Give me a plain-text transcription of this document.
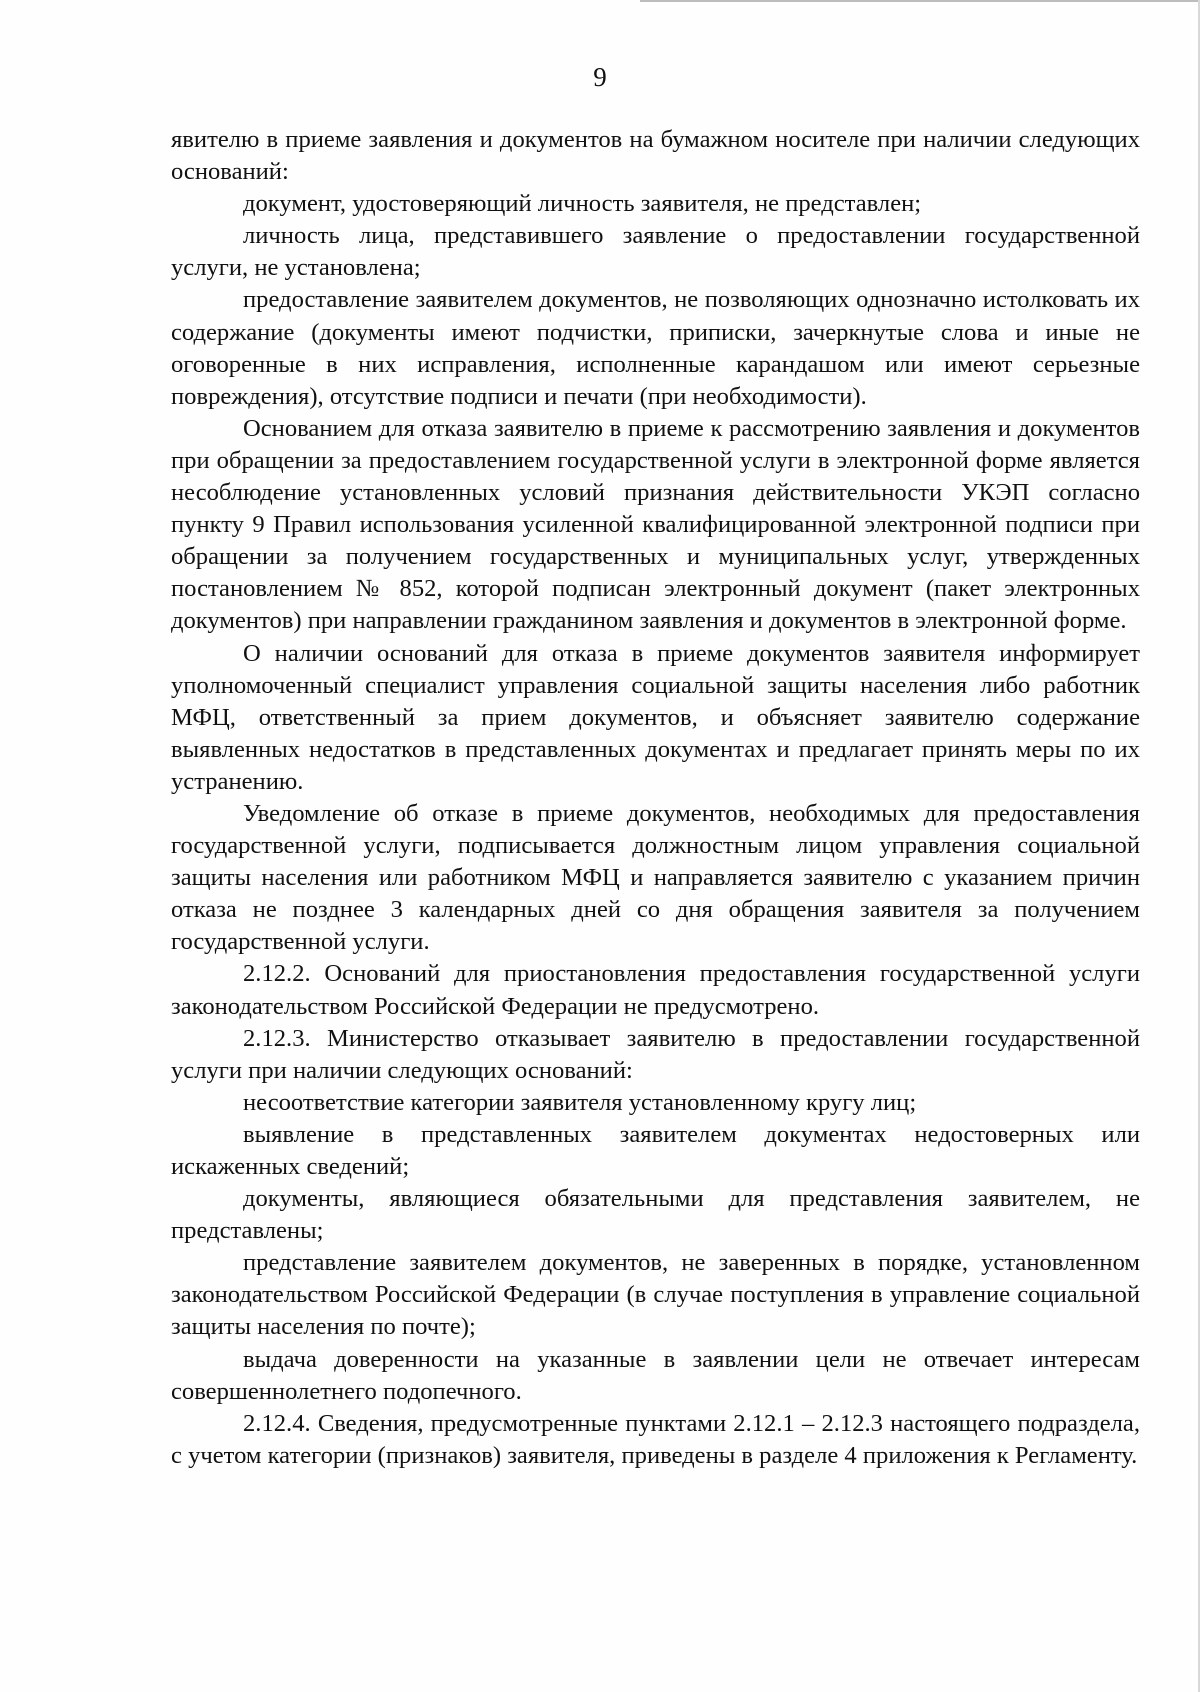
9

явителю в приеме заявления и документов на бумажном носителе при наличии следующих оснований:

документ, удостоверяющий личность заявителя, не представлен;

личность лица, представившего заявление о предоставлении государственной услуги, не установлена;

предоставление заявителем документов, не позволяющих однозначно истолковать их содержание (документы имеют подчистки, приписки, зачеркнутые слова и иные не оговоренные в них исправления, исполненные карандашом или имеют серьезные повреждения), отсутствие подписи и печати (при необходимости).

Основанием для отказа заявителю в приеме к рассмотрению заявления и документов при обращении за предоставлением государственной услуги в электронной форме является несоблюдение установленных условий признания действительности УКЭП согласно пункту 9 Правил использования усиленной квалифицированной электронной подписи при обращении за получением государственных и муниципальных услуг, утвержденных постановлением № 852, которой подписан электронный документ (пакет электронных документов) при направлении гражданином заявления и документов в электронной форме.

О наличии оснований для отказа в приеме документов заявителя информирует уполномоченный специалист управления социальной защиты населения либо работник МФЦ, ответственный за прием документов, и объясняет заявителю содержание выявленных недостатков в представленных документах и предлагает принять меры по их устранению.

Уведомление об отказе в приеме документов, необходимых для предоставления государственной услуги, подписывается должностным лицом управления социальной защиты населения или работником МФЦ и направляется заявителю с указанием причин отказа не позднее 3 календарных дней со дня обращения заявителя за получением государственной услуги.

2.12.2. Оснований для приостановления предоставления государственной услуги законодательством Российской Федерации не предусмотрено.

2.12.3. Министерство отказывает заявителю в предоставлении государственной услуги при наличии следующих оснований:

несоответствие категории заявителя установленному кругу лиц;

выявление в представленных заявителем документах недостоверных или искаженных сведений;

документы, являющиеся обязательными для представления заявителем, не представлены;

представление заявителем документов, не заверенных в порядке, установленном законодательством Российской Федерации (в случае поступления в управление социальной защиты населения по почте);

выдача доверенности на указанные в заявлении цели не отвечает интересам совершеннолетнего подопечного.

2.12.4. Сведения, предусмотренные пунктами 2.12.1 – 2.12.3 настоящего подраздела, с учетом категории (признаков) заявителя, приведены в разделе 4 приложения к Регламенту.
